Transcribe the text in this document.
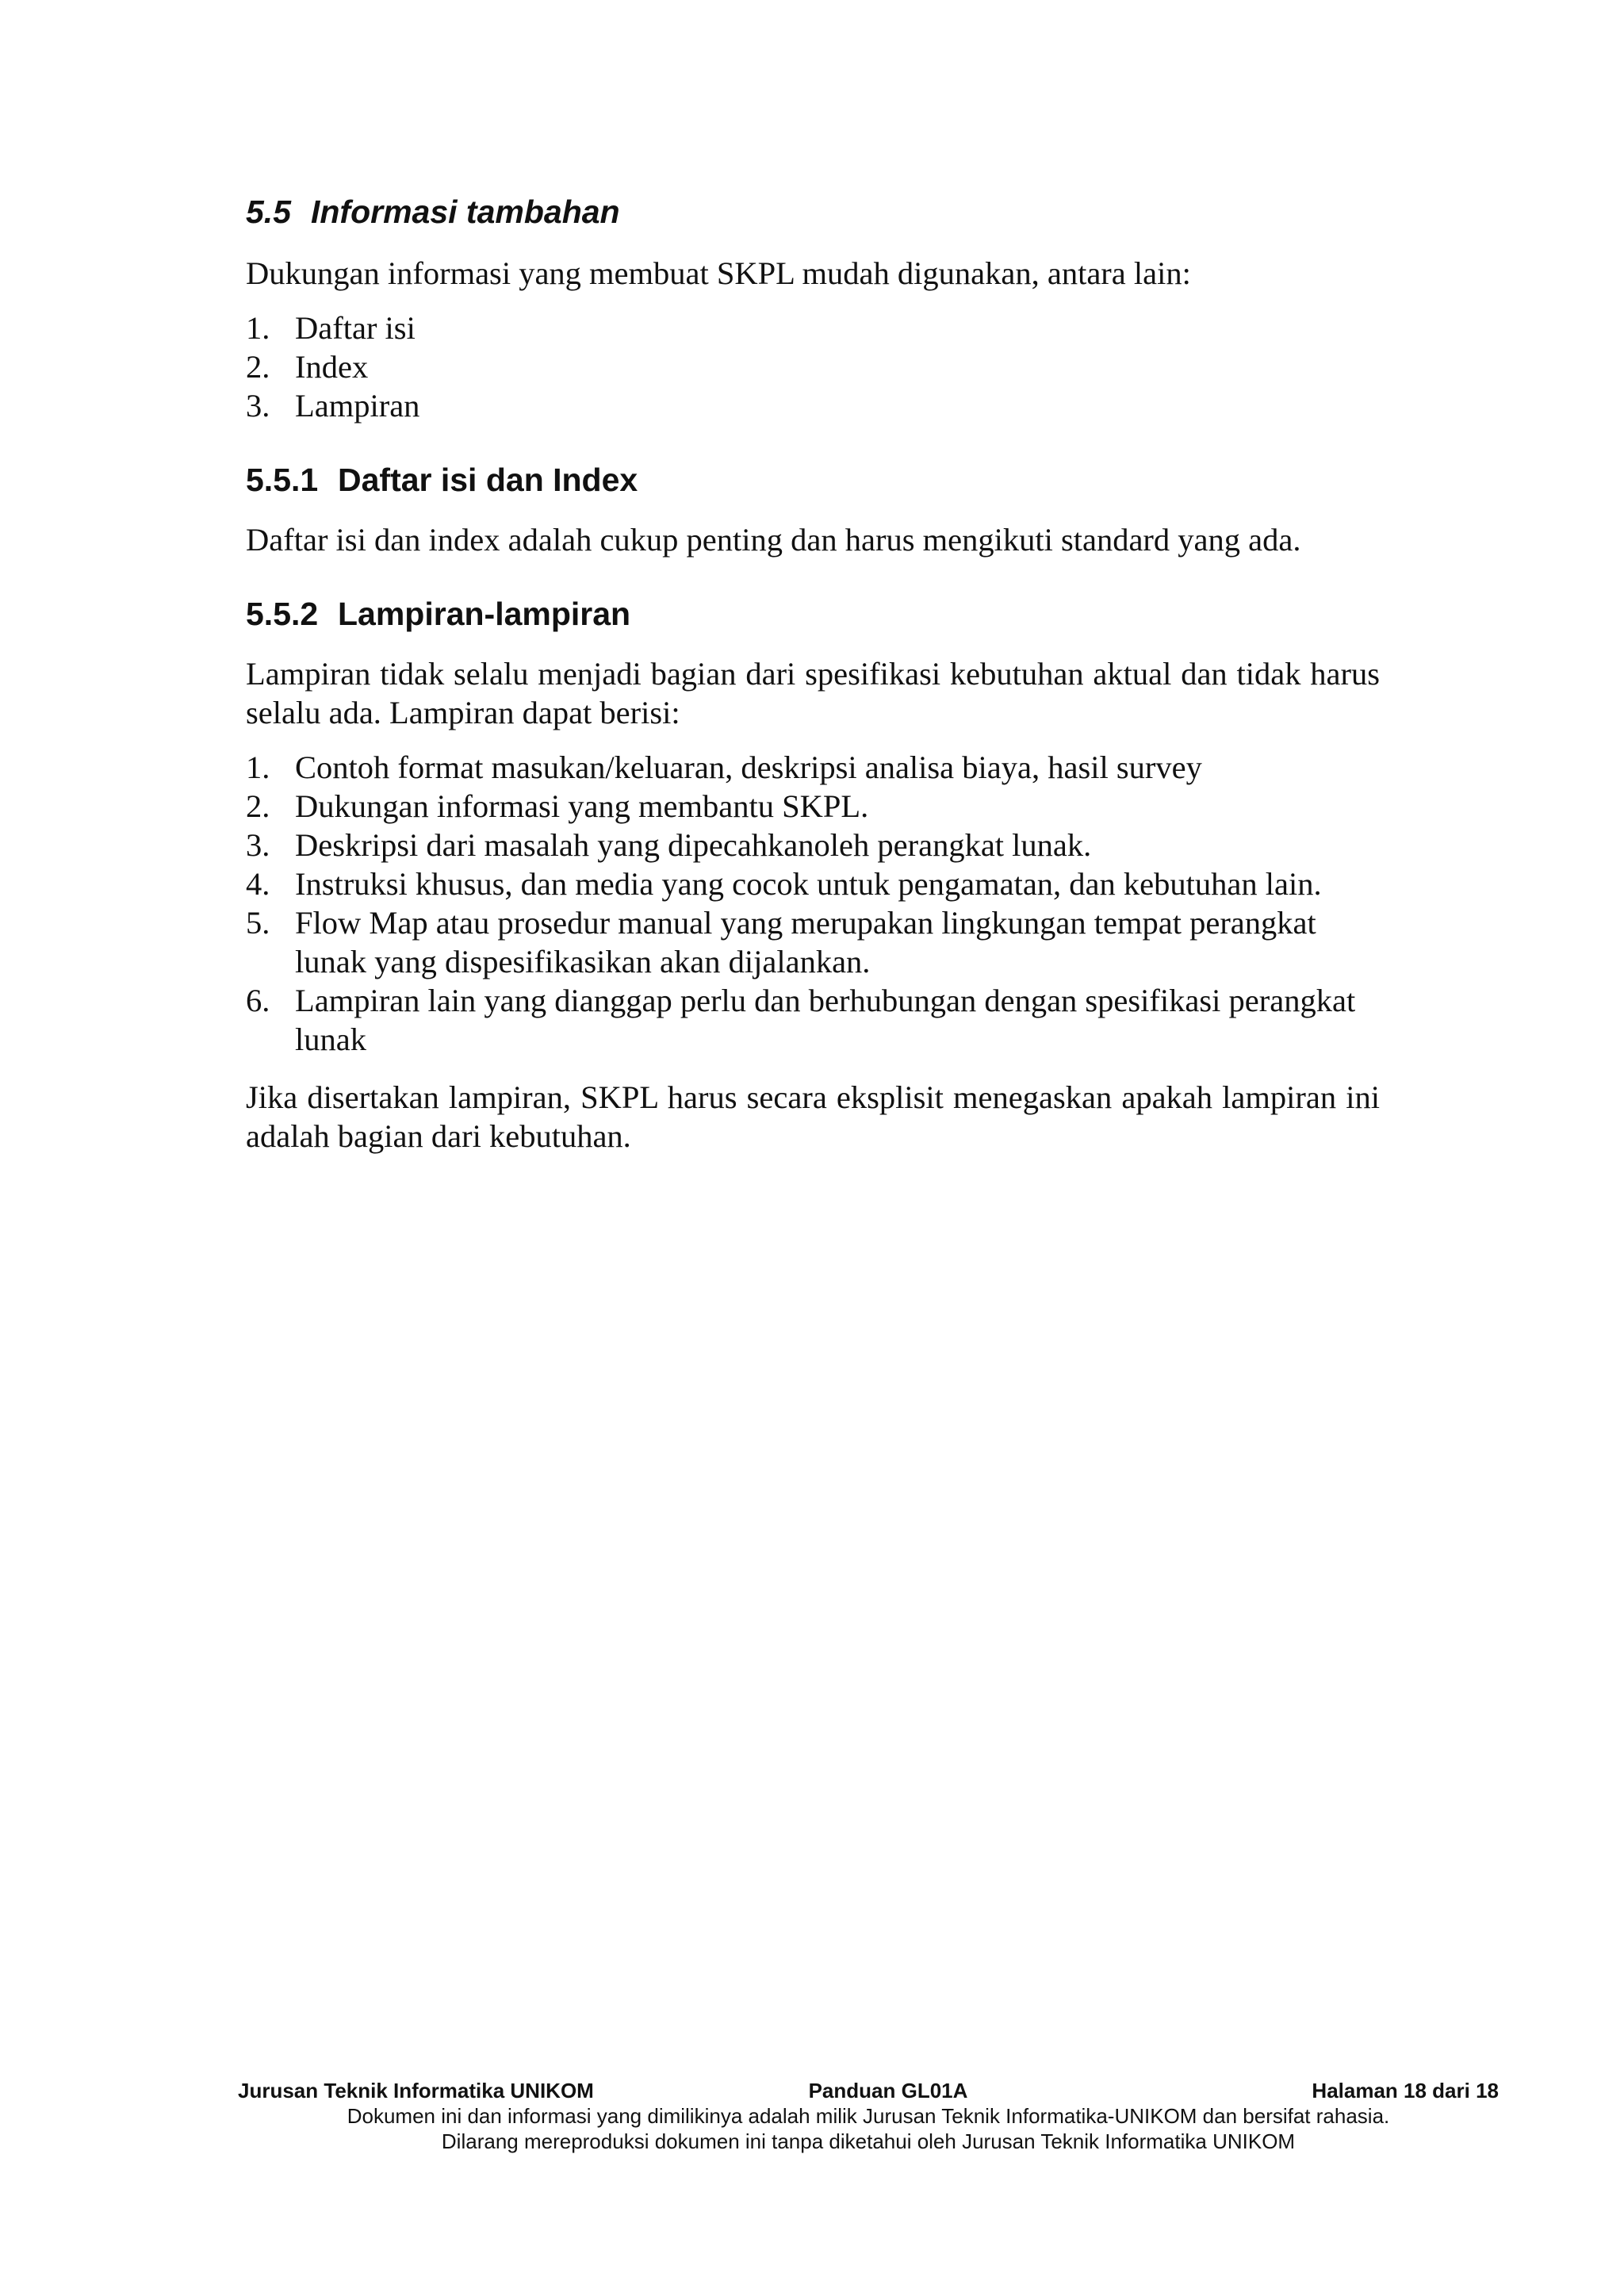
5.5 Informasi tambahan

Dukungan informasi yang membuat SKPL mudah digunakan, antara lain:

1. Daftar isi
2. Index
3. Lampiran
5.5.1 Daftar isi dan Index

Daftar isi dan index adalah cukup penting dan harus mengikuti standard yang ada.

5.5.2 Lampiran-lampiran

Lampiran tidak selalu menjadi bagian dari spesifikasi kebutuhan aktual dan tidak harus selalu ada. Lampiran dapat berisi:

1. Contoh format masukan/keluaran, deskripsi analisa biaya, hasil survey
2. Dukungan informasi yang membantu SKPL.
3. Deskripsi dari masalah yang dipecahkanoleh perangkat lunak.
4. Instruksi khusus, dan media yang cocok untuk pengamatan, dan kebutuhan lain.
5. Flow Map atau prosedur manual yang merupakan lingkungan tempat perangkat lunak yang dispesifikasikan akan dijalankan.
6. Lampiran lain yang dianggap perlu dan berhubungan dengan spesifikasi perangkat lunak

Jika disertakan lampiran, SKPL harus secara eksplisit menegaskan apakah lampiran ini adalah bagian dari kebutuhan.

Jurusan Teknik Informatika UNIKOM	Panduan GL01A	Halaman 18 dari 18
Dokumen ini dan informasi yang dimilikinya adalah milik Jurusan Teknik Informatika-UNIKOM dan bersifat rahasia.
Dilarang mereproduksi dokumen ini tanpa diketahui oleh Jurusan Teknik Informatika UNIKOM
